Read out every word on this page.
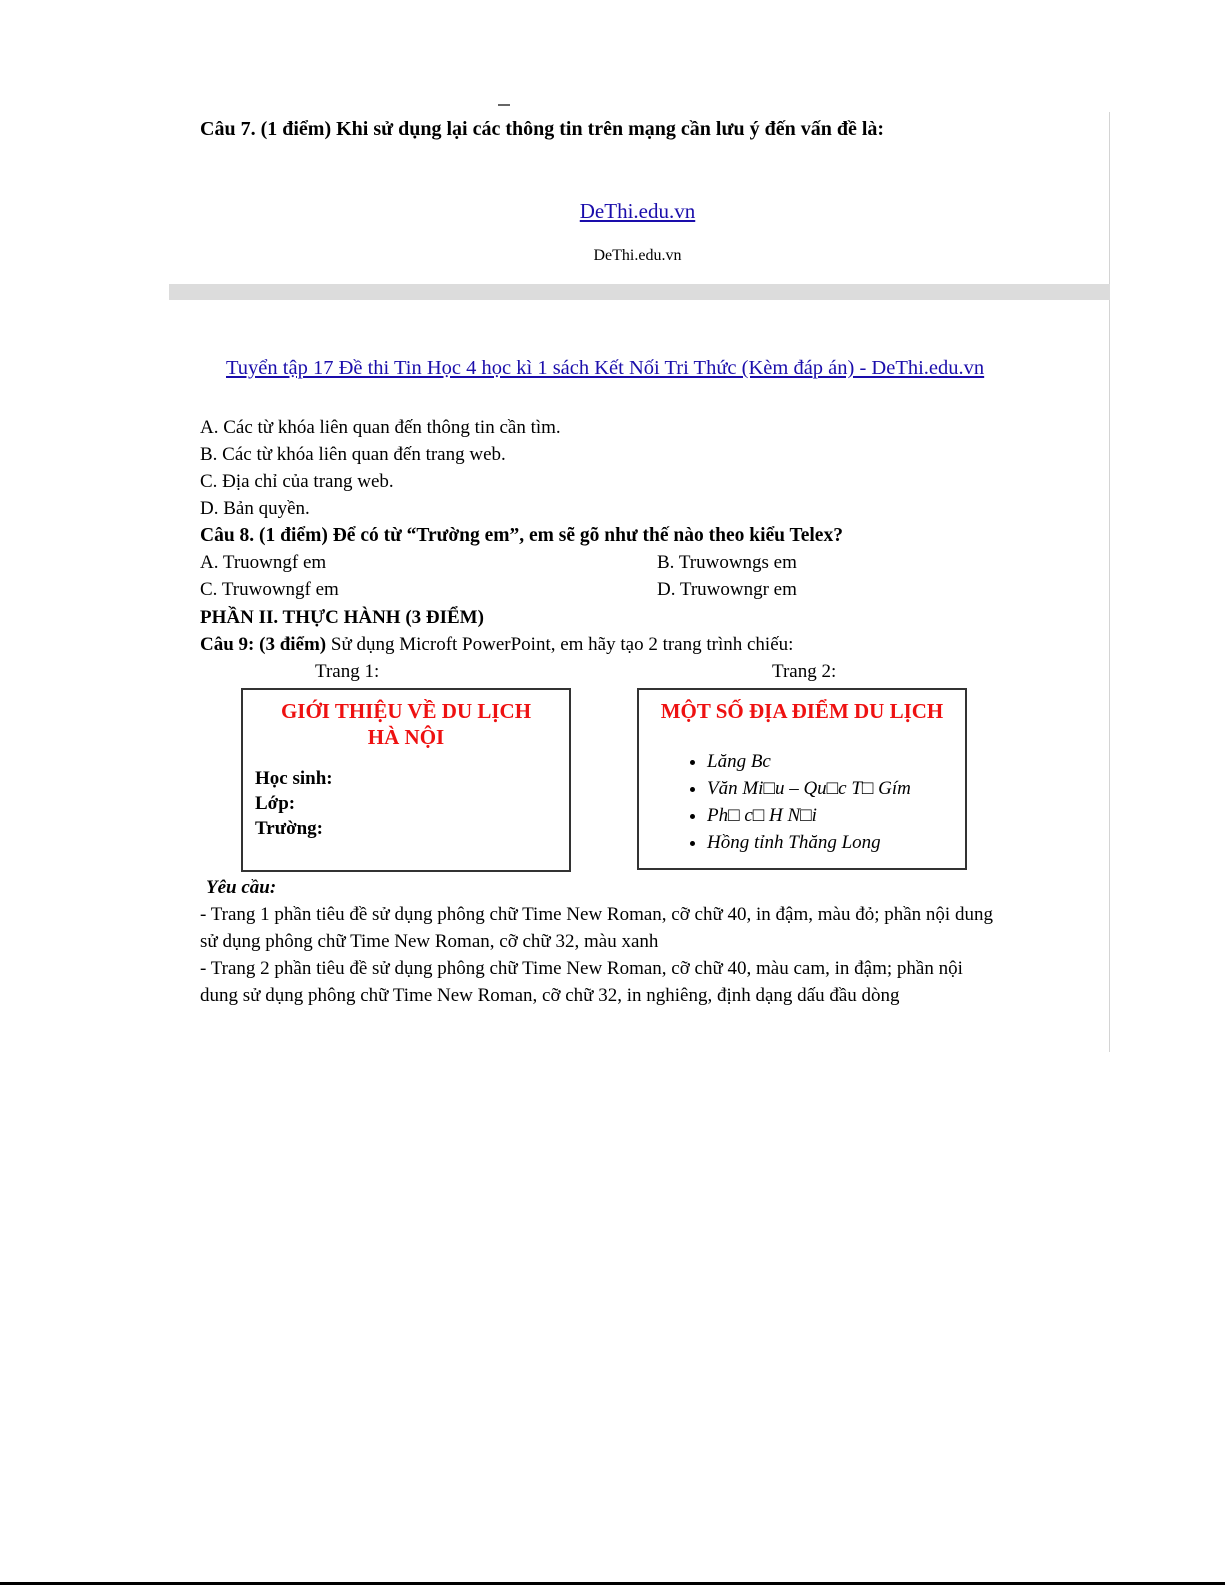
Câu 7. (1 điểm) Khi sử dụng lại các thông tin trên mạng cần lưu ý đến vấn đề là:
DeThi.edu.vn
DeThi.edu.vn
Tuyển tập 17 Đề thi Tin Học 4 học kì 1 sách Kết Nối Tri Thức (Kèm đáp án) - DeThi.edu.vn
A. Các từ khóa liên quan đến thông tin cần tìm.
B. Các từ khóa liên quan đến trang web.
C. Địa chỉ của trang web.
D. Bản quyền.
Câu 8. (1 điểm) Để có từ “Trường em”, em sẽ gõ như thế nào theo kiểu Telex?
A. Truowngf em	B. Truwowngs em
C. Truwowngf em	D. Truwowngr em
PHẦN II. THỰC HÀNH (3 ĐIỂM)
Câu 9: (3 điểm) Sử dụng Microft PowerPoint, em hãy tạo 2 trang trình chiếu:
Trang 1:	Trang 2:
GIỚI THIỆU VỀ DU LỊCH
HÀ NỘI
Học sinh:
Lớp:
Trường:
MỘT SỐ ĐỊA ĐIỂM DU LỊCH
• Lăng Bc
• Văn Mi□u – Qu□c T□ Gím
• Ph□ c□ H N□i
• Hồng tỉnh Thăng Long
Yêu cầu:
- Trang 1 phần tiêu đề sử dụng phông chữ Time New Roman, cỡ chữ 40, in đậm, màu đỏ; phần nội dung
sử dụng phông chữ Time New Roman, cỡ chữ 32, màu xanh
- Trang 2 phần tiêu đề sử dụng phông chữ Time New Roman, cỡ chữ 40, màu cam, in đậm; phần nội
dung sử dụng phông chữ Time New Roman, cỡ chữ 32, in nghiêng, định dạng dấu đầu dòng
